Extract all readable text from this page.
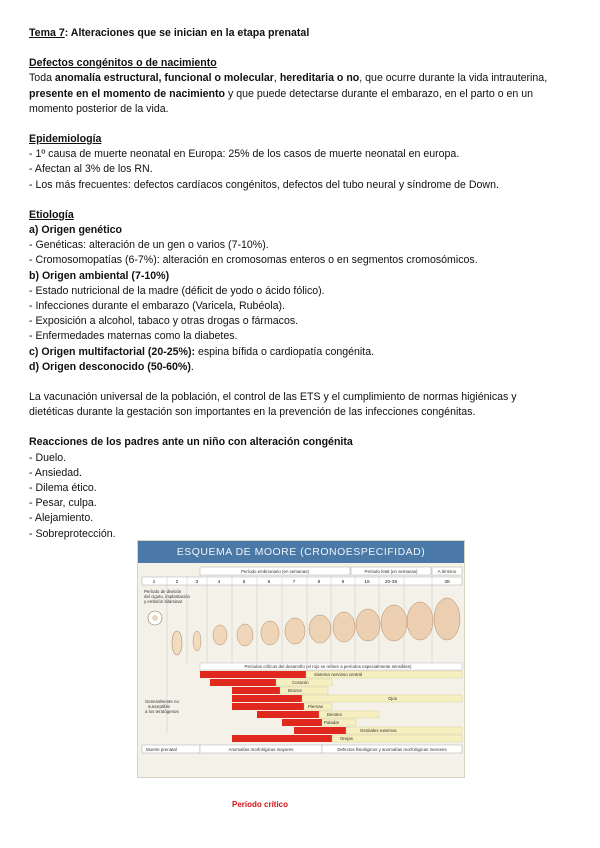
Tema 7: Alteraciones que se inician en la etapa prenatal
Defectos congénitos o de nacimiento
Toda anomalía estructural, funcional o molecular, hereditaria o no, que ocurre durante la vida intrauterina,
presente en el momento de nacimiento y que puede detectarse durante el embarazo, en el parto o en un
momento posterior de la vida.
Epidemiología
- 1º causa de muerte neonatal en Europa: 25% de los casos de muerte neonatal en europa.
- Afectan al 3% de los RN.
- Los más frecuentes: defectos cardíacos congénitos, defectos del tubo neural y síndrome de Down.
Etiología
a) Origen genético
- Genéticas: alteración de un gen o varios (7-10%).
- Cromosomopatías (6-7%): alteración en cromosomas enteros o en segmentos cromosómicos.
b) Origen ambiental (7-10%)
- Estado nutricional de la madre (déficit de yodo o ácido fólico).
- Infecciones durante el embarazo (Varicela, Rubéola).
- Exposición a alcohol, tabaco y otras drogas o fármacos.
- Enfermedades maternas como la diabetes.
c) Origen multifactorial (20-25%): espina bífida o cardiopatía congénita.
d) Origen desconocido (50-60%).
La vacunación universal de la población, el control de las ETS y el cumplimiento de normas higiénicas y
dietéticas durante la gestación son importantes en la prevención de las infecciones congénitas.
Reacciones de los padres ante un niño con alteración congénita
- Duelo.
- Ansiedad.
- Dilema ético.
- Pesar, culpa.
- Alejamiento.
- Sobreprotección.
ESQUEMA DE MOORE (CRONOESPECIFIDAD)
Período embrionario (en semanas)	Período fetal (en semanas)	A término
1	2	3	4	5	6	7	8	9	16	20-36	38
Período de división
del cigoto, implantación
y embrión bilaminar
Períodos críticos del desarrollo (el rojo se refiere a períodos especialmente sensibles)
Sistema nervioso central
Corazón
Brazos
Ojos
Piernas
Dientes
Paladar
Genitales externos
Orejas
Generalmente no
susceptible
a los teratógenos
Muerte prenatal	Anomalías morfológicas mayores	Defectos fisiológicos y anomalías morfológicas menores
Período crítico
